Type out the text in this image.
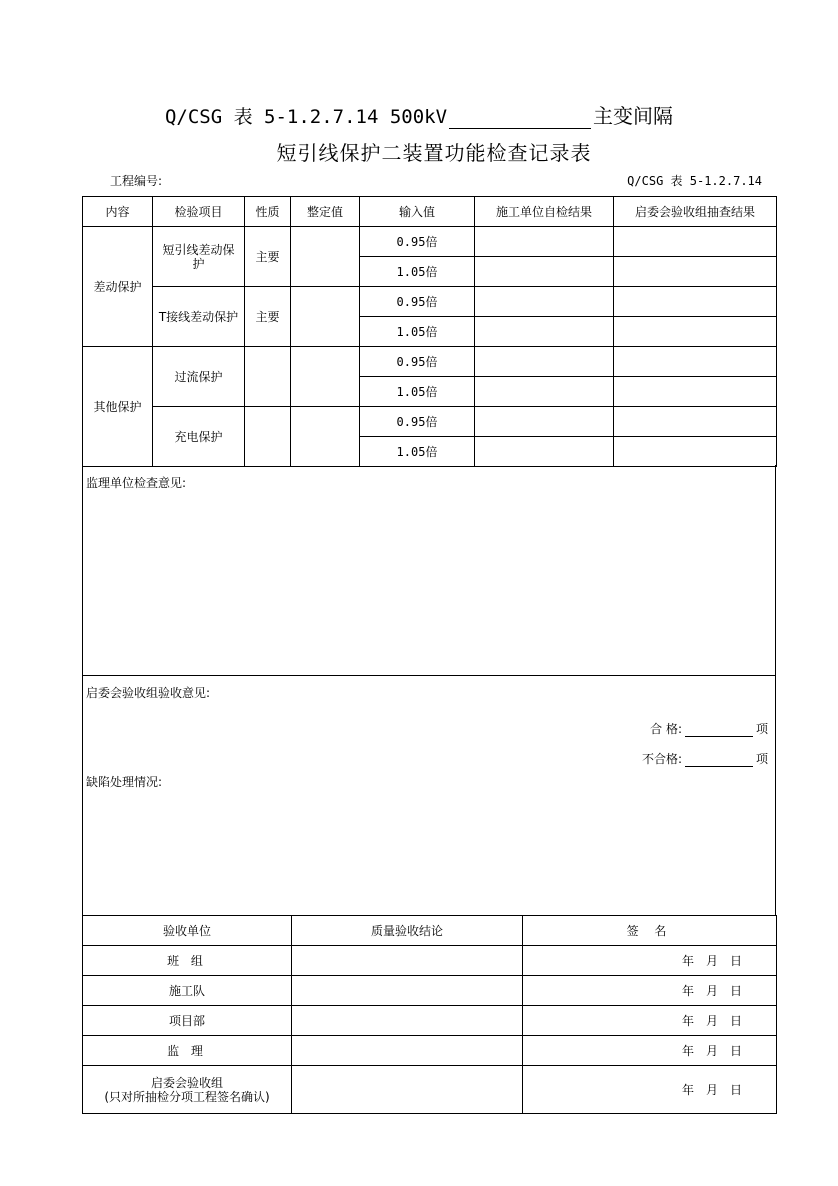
Q/CSG 表 5-1.2.7.14 500kV	主变间隔
短引线保护二装置功能检查记录表
工程编号:	Q/CSG 表 5-1.2.7.14
内容	检验项目	性质	整定值	输入值	施工单位自检结果	启委会验收组抽查结果
差动保护	短引线差动保护	主要		0.95倍		
				1.05倍		
	T接线差动保护	主要		0.95倍		
				1.05倍		
其他保护	过流保护			0.95倍		
				1.05倍		
	充电保护			0.95倍		
				1.05倍		
监理单位检查意见:
启委会验收组验收意见:
合 格:	项
不合格:	项
缺陷处理情况:
验收单位	质量验收结论	签 名
班 组		年 月 日
施工队		年 月 日
项目部		年 月 日
监 理		年 月 日

启委会验收组
(只对所抽检分项工程签名确认)		年 月 日
